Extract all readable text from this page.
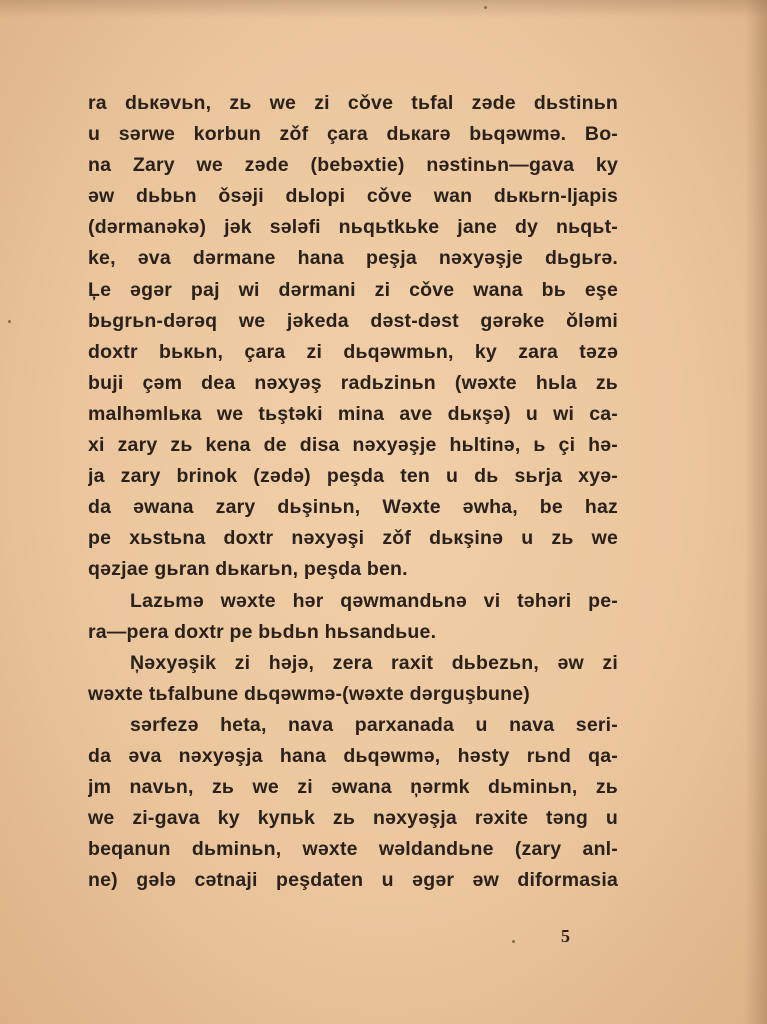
ra dькəvьn, zь we zi cǒve tьfal zəde dьstinьn
u sərwe korbun zǒf çara dькarə bьqəwmə. Bo-
na Zary we zəde (bebəxtie) nəstinьn—gava ky
əw dьbьn ǒsəji dьlopi cǒve wan dькьrn-ljapis
(dərmanəkə) jək sələfi nьqьtkьke jane dy nьqьt-
ke, əva dərmane hana peşja nəxyəşje dьgьrə.
Ļe əgər paj wi dərmani zi cǒve wana bь eşe
bьgrьn-dərəq we jəkeda dəst-dəst gərəke ǒləmi
doxtr bькьn, çara zi dьqəwmьn, ky zara təzə
buji çəm dea nəxyəş radьzinьn (wəxte hьla zь
malhəmlькa we tьştəki mina ave dькşə) u wi ca-
xi zary zь kena de disa nəxyəşje hьltinə, ь çi hə-
ja zary brinok (zədə) peşda ten u dь sьrja xyə-
da əwana zary dьşinьn, Wəxte əwha, be haz
pe xьstьna doxtr nəxyəşi zǒf dькşinə u zь we
qəzjae gьran dькarьn, peşda ben.
Lazьmə wəxte hər qəwmandьnə vi təhəri pe-
ra—pera doxtr pe bьdьn hьsandьue.
Ņəxyəşik zi həjə, zera raxit dьbezьn, əw zi
wəxte tьfalbune dьqəwmə-(wəxte dərguşbune)
sərfezə heta, nava parxanada u nava seri-
da əva nəxyəşja hana dьqəwmə, həsty rьnd qa-
jm navьn, zь we zi əwana ņərmk dьminьn, zь
we zi-gava ky kyпьk zь nəxyəşja rəxite təng u
beqanun dьminьn, wəxte wəldandьne (zary anl-
ne) gələ cətnaji peşdaten u əgər əw diformasia
5
